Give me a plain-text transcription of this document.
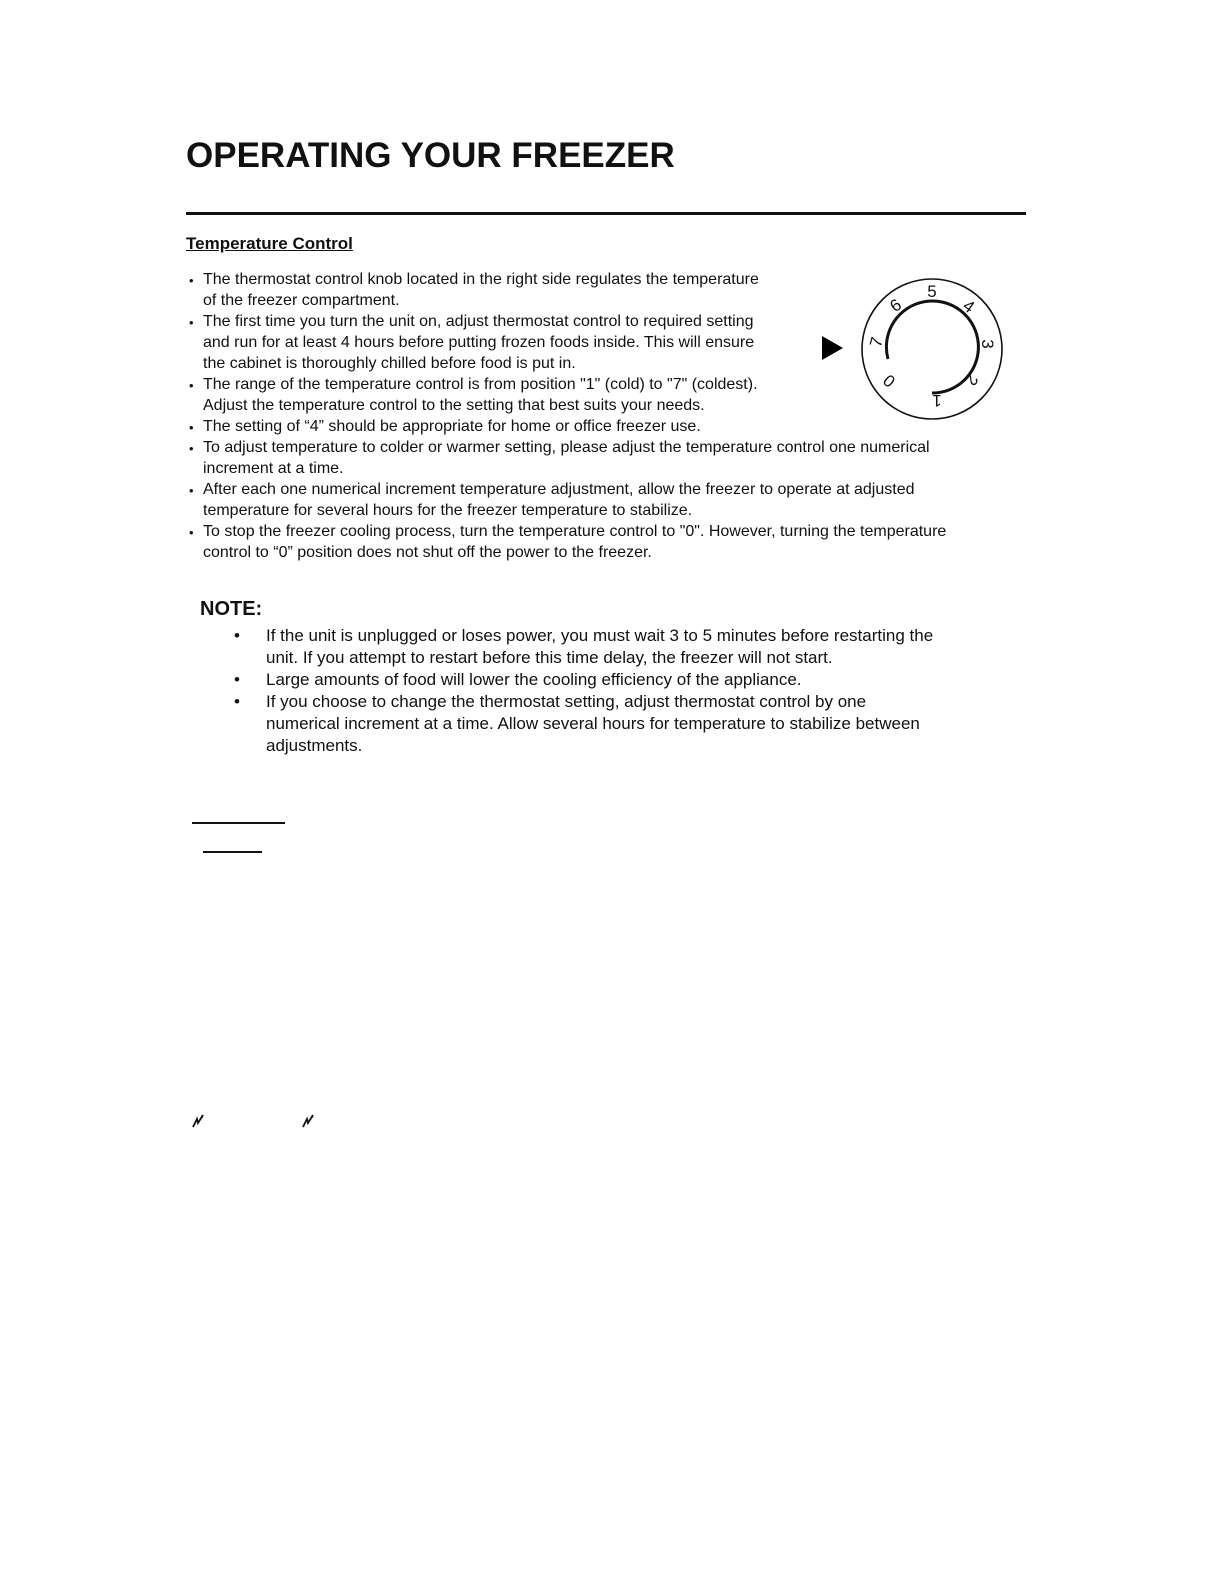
OPERATING YOUR FREEZER
Temperature Control
• The thermostat control knob located in the right side regulates the temperature
of the freezer compartment.
• The first time you turn the unit on, adjust thermostat control to required setting
and run for at least 4 hours before putting frozen foods inside. This will ensure
the cabinet is thoroughly chilled before food is put in.
• The range of the temperature control is from position "1" (cold) to "7" (coldest).
Adjust the temperature control to the setting that best suits your needs.
• The setting of “4” should be appropriate for home or office freezer use.
• To adjust temperature to colder or warmer setting, please adjust the temperature control one numerical
increment at a time.
• After each one numerical increment temperature adjustment, allow the freezer to operate at adjusted
temperature for several hours for the freezer temperature to stabilize.
• To stop the freezer cooling process, turn the temperature control to "0". However, turning the temperature
control to “0” position does not shut off the power to the freezer.
5
6	4
7	3
0	2
1
NOTE:
• If the unit is unplugged or loses power, you must wait 3 to 5 minutes before restarting the
unit. If you attempt to restart before this time delay, the freezer will not start.
• Large amounts of food will lower the cooling efficiency of the appliance.
• If you choose to change the thermostat setting, adjust thermostat control by one
numerical increment at a time. Allow several hours for temperature to stabilize between
adjustments.
